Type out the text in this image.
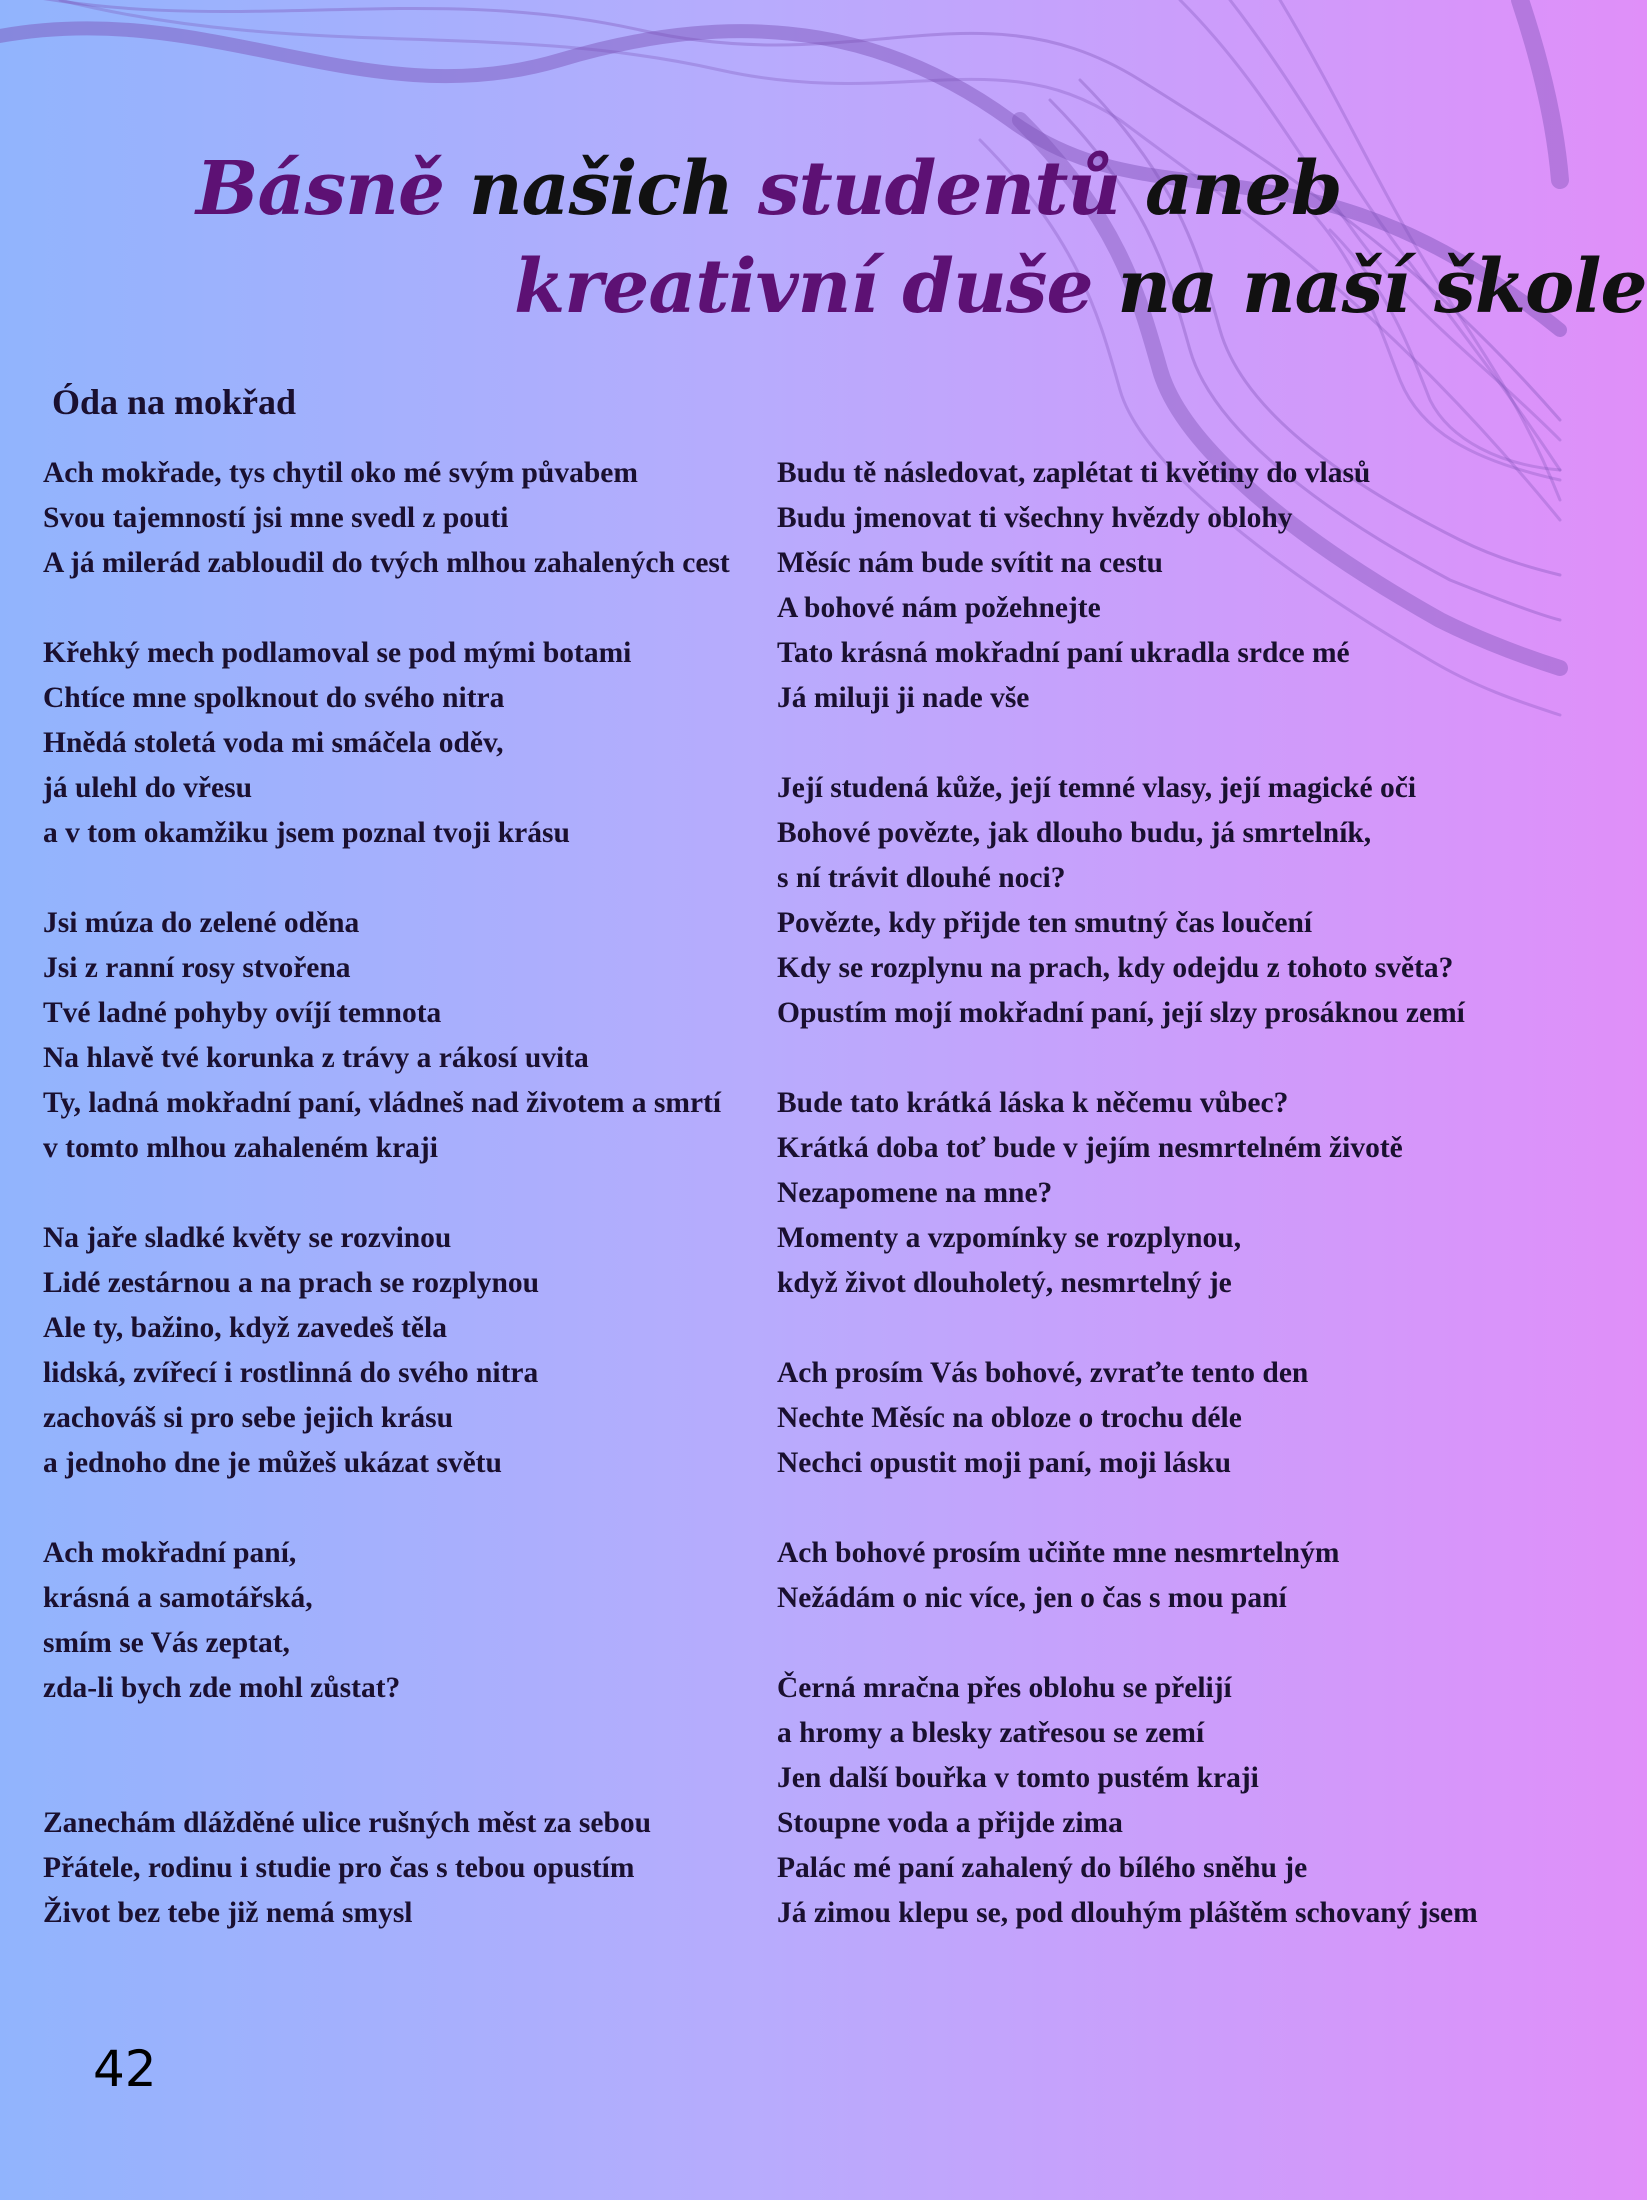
Básně našich studentů aneb
kreativní duše na naší škole
Óda na mokřad
Ach mokřade, tys chytil oko mé svým půvabem
Svou tajemností jsi mne svedl z pouti
A já milerád zabloudil do tvých mlhou zahalených cest
Křehký mech podlamoval se pod mými botami
Chtíce mne spolknout do svého nitra
Hnědá stoletá voda mi smáčela oděv,
já ulehl do vřesu
a v tom okamžiku jsem poznal tvoji krásu
Jsi múza do zelené oděna
Jsi z ranní rosy stvořena
Tvé ladné pohyby ovíjí temnota
Na hlavě tvé korunka z trávy a rákosí uvita
Ty, ladná mokřadní paní, vládneš nad životem a smrtí
v tomto mlhou zahaleném kraji
Na jaře sladké květy se rozvinou
Lidé zestárnou a na prach se rozplynou
Ale ty, bažino, když zavedeš těla
lidská, zvířecí i rostlinná do svého nitra
zachováš si pro sebe jejich krásu
a jednoho dne je můžeš ukázat světu
Ach mokřadní paní,
krásná a samotářská,
smím se Vás zeptat,
zda-li bych zde mohl zůstat?
Zanechám dlážděné ulice rušných měst za sebou
Přátele, rodinu i studie pro čas s tebou opustím
Život bez tebe již nemá smysl
Budu tě následovat, zaplétat ti květiny do vlasů
Budu jmenovat ti všechny hvězdy oblohy
Měsíc nám bude svítit na cestu
A bohové nám požehnejte
Tato krásná mokřadní paní ukradla srdce mé
Já miluji ji nade vše
Její studená kůže, její temné vlasy, její magické oči
Bohové povězte, jak dlouho budu, já smrtelník,
s ní trávit dlouhé noci?
Povězte, kdy přijde ten smutný čas loučení
Kdy se rozplynu na prach, kdy odejdu z tohoto světa?
Opustím mojí mokřadní paní, její slzy prosáknou zemí
Bude tato krátká láska k něčemu vůbec?
Krátká doba toť bude v jejím nesmrtelném životě
Nezapomene na mne?
Momenty a vzpomínky se rozplynou,
když život dlouholetý, nesmrtelný je
Ach prosím Vás bohové, zvraťte tento den
Nechte Měsíc na obloze o trochu déle
Nechci opustit moji paní, moji lásku
Ach bohové prosím učiňte mne nesmrtelným
Nežádám o nic více, jen o čas s mou paní
Černá mračna přes oblohu se přelijí
a hromy a blesky zatřesou se zemí
Jen další bouřka v tomto pustém kraji
Stoupne voda a přijde zima
Palác mé paní zahalený do bílého sněhu je
Já zimou klepu se, pod dlouhým pláštěm schovaný jsem
42
